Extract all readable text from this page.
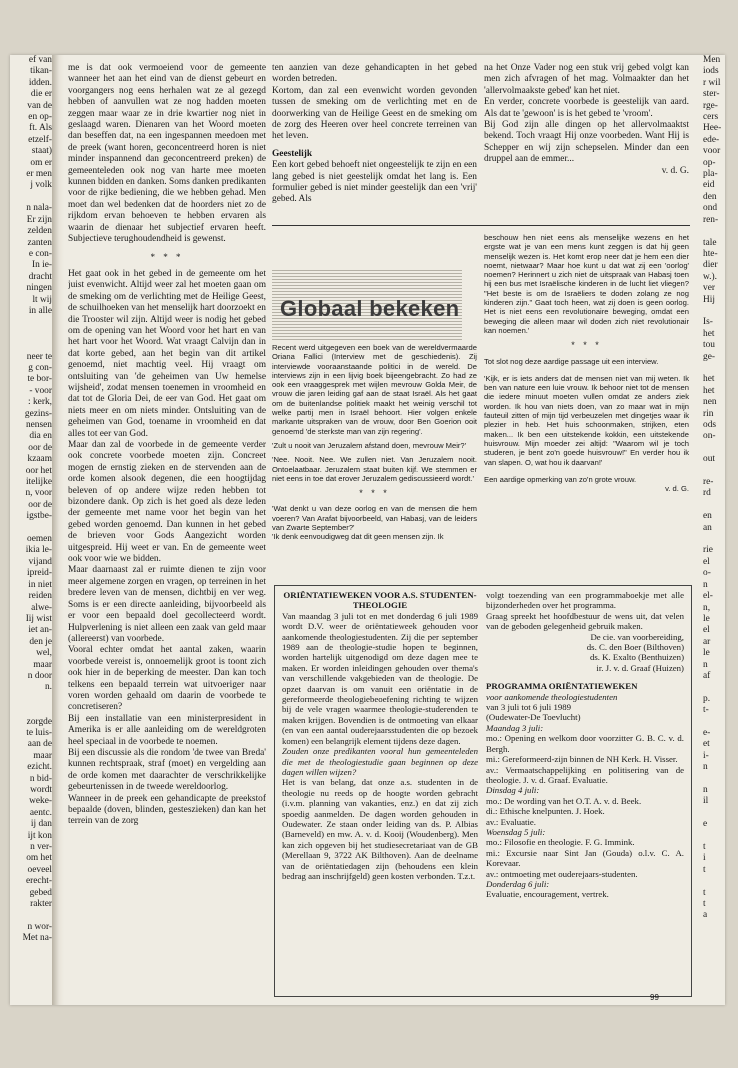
ef van
tikan-
idden.
die er
van de
en op-
ft. Als
etzelf-
staat)
om er
er men
j volk

n nala-
Er zijn
zelden
zanten
e con-
In ie-
dracht
ningen
lt wij
in alle

neer te
g con-
te bor-
- voor
: kerk,
gezins-
nensen
dia en
oor de
kzaam
oor het
itelijke
n, voor
oor de
igstbe-

oemen
ikia le-
vijand
ipreid-
in niet
reiden
alwe-
Iij wist
iet an-
den je
wel,
maar
n door
n.

zorgde
te luis-
aan de
maar
ezicht.
n bid-
wordt
weke-
aentc.
ij dan
ijt kon
n ver-
om het
oeveel
erecht-
gebed
rakter

n wor-
Met na-
Men
iods
r wil
ster-
rge-
cers
Hee-
ede-
voor
op-
pla-
eid
den
ond
ren-

tale
hte-
dier
w.).
ver
Hij

Is-
het
tou
ge-

het
het
nen
rin
ods
on-

out

re-
rd

en
an

rie
el
o-
n
el-
n,
le
el
ar
le
n
af

p.
t-

e-
et
i-
n

n
il

e

t
i
t

t
t
a

me is dat ook vermoeiend voor de gemeente wanneer het aan het eind van de dienst gebeurt en voorgangers nog eens herhalen wat ze al gezegd hebben of aanvullen wat ze nog hadden moeten zeggen maar waar ze in drie kwartier nog niet in geslaagd waren. Dienaren van het Woord moeten dan beseffen dat, na een ingespannen meedoen met de preek (want horen, geconcentreerd horen is niet minder inspannend dan geconcentreerd preken) de gemeenteleden ook nog van harte mee moeten kunnen bidden en danken. Soms danken predikanten voor de rijke bediening, die we hebben gehad. Men moet dan wel bedenken dat de hoorders niet zo de rijkdom ervan behoeven te hebben ervaren als waarin de dienaar het subjectief ervaren heeft. Subjectieve terughoudendheid is gewenst.

* * *

Het gaat ook in het gebed in de gemeente om het juist evenwicht. Altijd weer zal het moeten gaan om de smeking om de verlichting met de Heilige Geest, de schuilhoeken van het menselijk hart doorzoekt en die Trooster wil zijn. Altijd weer is nodig het gebed om de opening van het Woord voor het hart en van het hart voor het Woord. Wat vraagt Calvijn dan in dat korte gebed, aan het begin van dit artikel genoemd, niet machtig veel. Hij vraagt om ontsluiting van 'de geheimen van Uw hemelse wijsheid', zodat mensen toenemen in vroomheid en dat tot de Gloria Dei, de eer van God. Het gaat om niets meer en om niets minder. Ontsluiting van de geheimen van God, toename in vroomheid en dat alles tot eer van God.

Maar dan zal de voorbede in de gemeente verder ook concrete voorbede moeten zijn. Concreet mogen de ernstig zieken en de stervenden aan de orde komen alsook degenen, die een hoogtijdag beleven of op andere wijze reden hebben tot bizondere dank. Op zich is het goed als deze leden der gemeente met name voor het begin van het gebed worden genoemd. Dan kunnen in het gebed de brieven voor Gods Aangezicht worden uitgespreid. Hij weet er van. En de gemeente weet ook voor wie we bidden.

Maar daarnaast zal er ruimte dienen te zijn voor meer algemene zorgen en vragen, op terreinen in het bredere leven van de mensen, dichtbij en ver weg. Soms is er een directe aanleiding, bijvoorbeeld als er voor een bepaald doel gecollecteerd wordt. Hulpverlening is niet alleen een zaak van geld maar (allereerst) van voorbede.

Vooral echter omdat het aantal zaken, waarin voorbede vereist is, onnoemelijk groot is toont zich ook hier in de beperking de meester. Dan kan toch telkens een bepaald terrein wat uitvoeriger naar voren worden gehaald om daarin de voorbede te concretiseren?

Bij een installatie van een ministerpresident in Amerika is er alle aanleiding om de wereldgroten heel speciaal in de voorbede te noemen.

Bij een discussie als die rondom 'de twee van Breda' kunnen rechtspraak, straf (moet) en vergelding aan de orde komen met daarachter de verschrikkelijke gebeurtenissen in de tweede wereldoorlog.

Wanneer in de preek een gehandicapte de preekstof bepaalde (doven, blinden, gesteszieken) dan kan het terrein van de zorg

ten aanzien van deze gehandicapten in het gebed worden betreden.

Kortom, dan zal een evenwicht worden gevonden tussen de smeking om de verlichting met en de doorwerking van de Heilige Geest en de smeking om de zorg des Heeren over heel concrete terreinen van het leven.

Geestelijk

Een kort gebed behoeft niet ongeestelijk te zijn en een lang gebed is niet geestelijk omdat het lang is. Een formulier gebed is niet minder geestelijk dan een 'vrij' gebed. Als

na het Onze Vader nog een stuk vrij gebed volgt kan men zich afvragen of het mag. Volmaakter dan het 'allervolmaakste gebed' kan het niet.

En verder, concrete voorbede is geestelijk van aard. Als dat te 'gewoon' is is het gebed te 'vroom'.

Bij God zijn alle dingen op het allervolmaaktst bekend. Toch vraagt Hij onze voorbeden. Want Hij is Schepper en wij zijn schepselen. Minder dan een druppel aan de emmer...

v. d. G.

Globaal bekeken

Recent werd uitgegeven een boek van de wereldvermaarde Oriana Fallici (Interview met de geschiedenis). Zij interviewde vooraanstaande politici in de wereld. De interviews zijn in een lijvig boek bijeengebracht. Zo had ze ook een vraaggesprek met wijlen mevrouw Golda Meir, de vrouw die jaren leiding gaf aan de staat Israël. Als het gaat om de buitenlandse politiek maakt het weinig verschil tot welke partij men in Israël behoort. Hier volgen enkele markante uitspraken van de vrouw, door Ben Goerion ooit genoemd 'de sterkste man van zijn regering'.

'Zult u nooit van Jeruzalem afstand doen, mevrouw Meir?'

'Nee. Nooit. Nee. We zullen niet. Van Jeruzalem nooit. Ontoelaatbaar. Jeruzalem staat buiten kijf. We stemmen er niet eens in toe dat erover Jeruzalem gediscussieerd wordt.'

* * *

'Wat denkt u van deze oorlog en van de mensen die hem voeren? Van Arafat bijvoorbeeld, van Habasj, van de leiders van Zwarte September?'

'Ik denk eenvoudigweg dat dit geen mensen zijn. Ik

beschouw hen niet eens als menselijke wezens en het ergste wat je van een mens kunt zeggen is dat hij geen menselijk wezen is. Het komt erop neer dat je hem een dier noemt, nietwaar? Maar hoe kunt u dat wat zij een 'oorlog' noemen? Herinnert u zich niet de uitspraak van Habasj toen hij een bus met Israëlische kinderen in de lucht liet vliegen? "Het beste is om de Israëliers te doden zolang ze nog kinderen zijn." Gaat toch heen, wat zij doen is geen oorlog. Het is niet eens een revolutionaire beweging, omdat een beweging die alleen maar wil doden zich niet revolutionair kan noemen.'

* * *

Tot slot nog deze aardige passage uit een interview.

'Kijk, er is iets anders dat de mensen niet van mij weten. Ik ben van nature een luie vrouw. Ik behoor niet tot de mensen die iedere minuut moeten vullen omdat ze anders ziek worden. Ik hou van niets doen, van zo maar wat in mijn fauteuil zitten of mijn tijd verbeuzelen met dingetjes waar ik plezier in heb. Het huis schoonmaken, strijken, eten maken... Ik ben een uitstekende kokkin, een uitstekende huisvrouw. Mijn moeder zei altijd: "Waarom wil je toch studeren, je bent zo'n goede huisvrouw!" En verder hou ik van slapen. O, wat hou ik daarvan!'

Een aardige opmerking van zo'n grote vrouw.

v. d. G.

ORIËNTATIEWEKEN VOOR A.S. STUDENTEN-THEOLOGIE

Van maandag 3 juli tot en met donderdag 6 juli 1989 wordt D.V. weer de oriëntatieweek gehouden voor aankomende theologiestudenten. Zij die per september 1989 aan de theologie-studie hopen te beginnen, worden hartelijk uitgenodigd om deze dagen mee te maken. Er worden inleidingen gehouden over thema's van verschillende vakgebieden van de theologie. De opzet daarvan is om vanuit een oriëntatie in de gereformeerde theologiebeoefening richting te wijzen bij de vele vragen waarmee theologie-studerenden te maken krijgen. Bovendien is de ontmoeting van elkaar (en van een aantal ouderejaarsstudenten die op bezoek komen) een belangrijk element tijdens deze dagen.

Zouden onze predikanten vooral hun gemeenteleden die met de theologiestudie gaan beginnen op deze dagen willen wijzen?

Het is van belang, dat onze a.s. studenten in de theologie nu reeds op de hoogte worden gebracht (i.v.m. planning van vakanties, enz.) en dat zij zich spoedig aanmelden. De dagen worden gehouden in Oudewater. Ze staan onder leiding van ds. P. Albias (Barneveld) en mw. A. v. d. Kooij (Woudenberg). Men kan zich opgeven bij het studiesecretariaat van de GB (Merellaan 9, 3722 AK Bilthoven). Aan de deelname van de oriëntatiedagen zijn (behoudens een klein bedrag aan inschrijfgeld) geen kosten verbonden. T.z.t.

volgt toezending van een programmaboekje met alle bijzonderheden over het programma.

Graag spreekt het hoofdbestuur de wens uit, dat velen van de geboden gelegenheid gebruik maken.

De cie. van voorbereiding,

ds. C. den Boer (Bilthoven)

ds. K. Exalto (Benthuizen)

ir. J. v. d. Graaf (Huizen)

PROGRAMMA ORIËNTATIEWEKEN

voor aankomende theologiestudenten

van 3 juli tot 6 juli 1989

(Oudewater-De Toevlucht)

Maandag 3 juli:

mo.: Opening en welkom door voorzitter G. B. C. v. d. Bergh.

mi.: Gereformeerd-zijn binnen de NH Kerk. H. Visser.

av.: Vermaatschappelijking en politisering van de theologie. J. v. d. Graaf. Evaluatie.

Dinsdag 4 juli:

mo.: De wording van het O.T. A. v. d. Beek.

di.: Ethische knelpunten. J. Hoek.

av.: Evaluatie.

Woensdag 5 juli:

mo.: Filosofie en theologie. F. G. Immink.

mi.: Excursie naar Sint Jan (Gouda) o.l.v. C. A. Korevaar.

av.: ontmoeting met ouderejaars-studenten.

Donderdag 6 juli:

Evaluatie, encouragement, vertrek.

99
